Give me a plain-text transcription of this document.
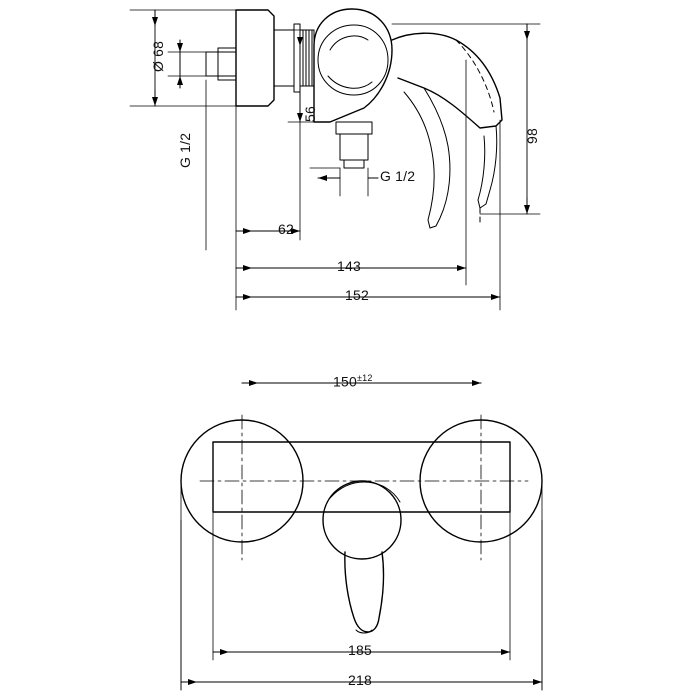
Ø 68
G 1/2
56
G 1/2
98
62
143
152
$150^{\pm 12}$
185
218
